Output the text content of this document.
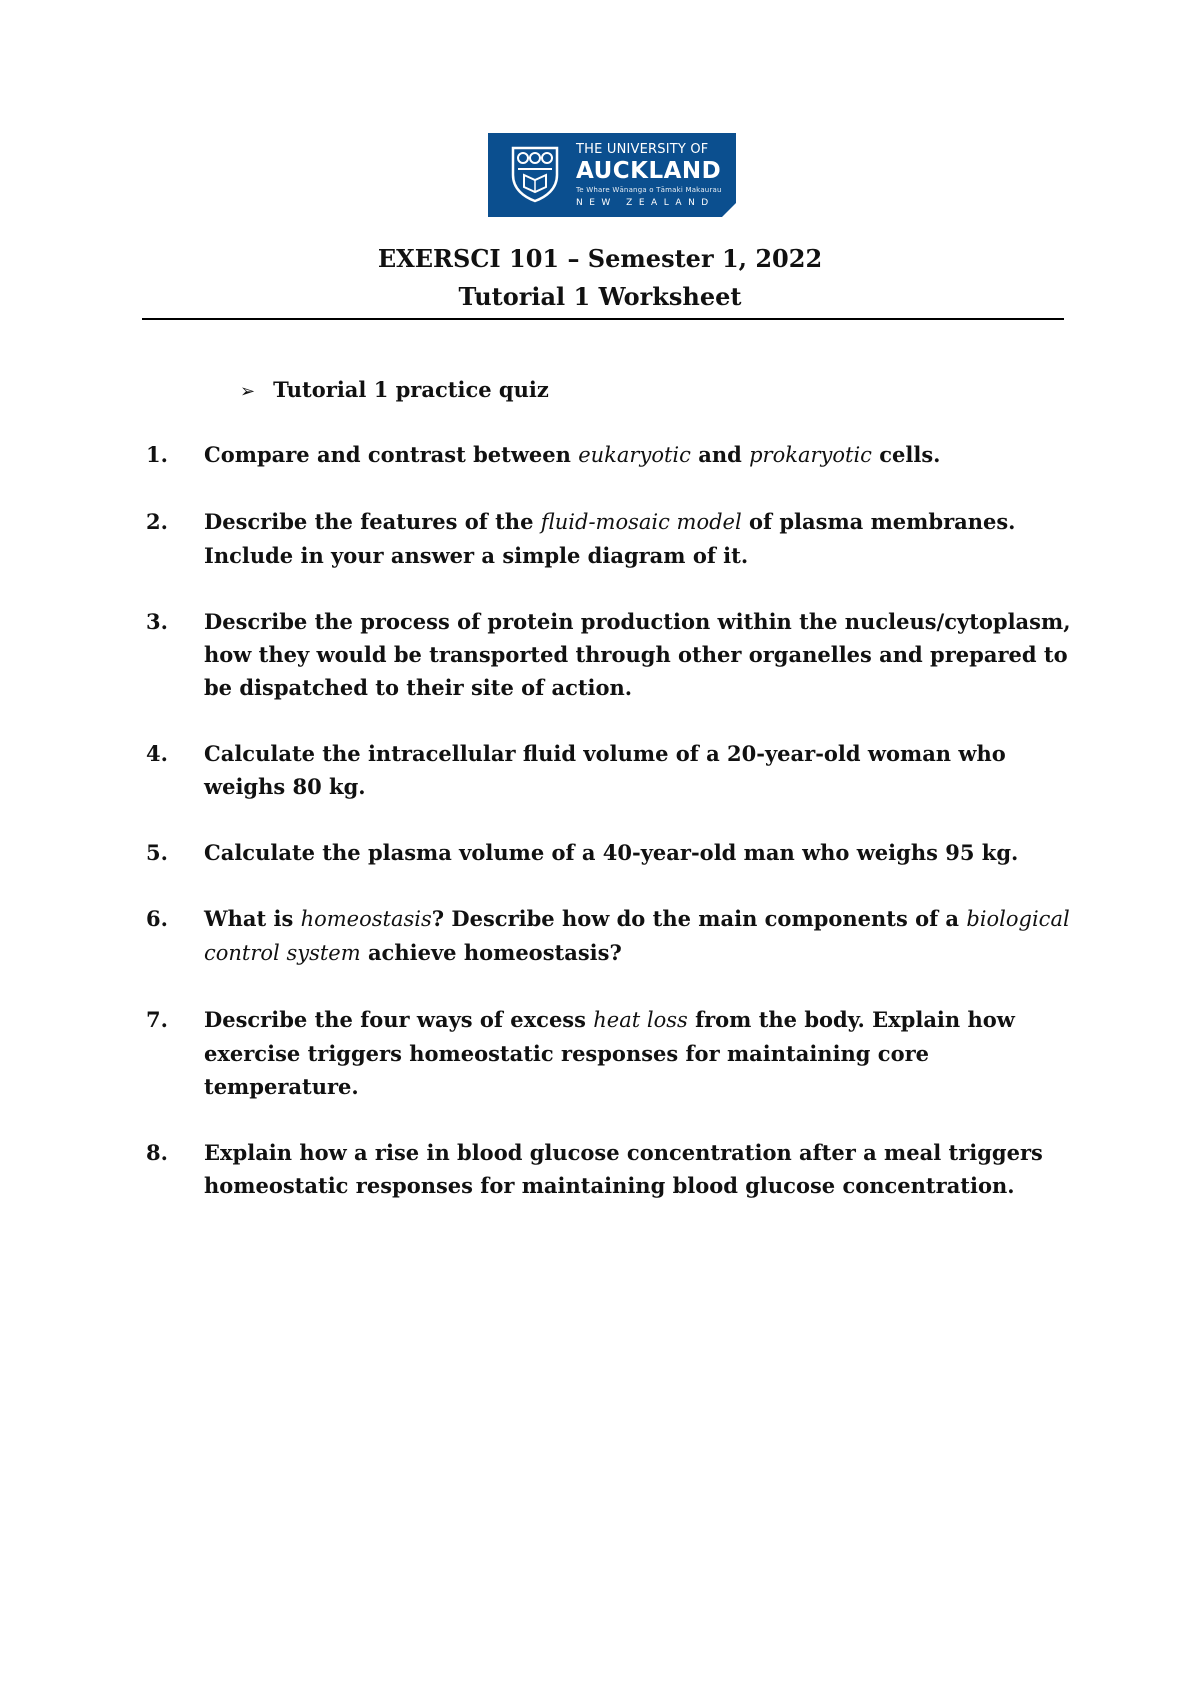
THE UNIVERSITY OF
AUCKLAND
Te Whare Wānanga o Tāmaki Makaurau
NEW ZEALAND

EXERSCI 101 – Semester 1, 2022

Tutorial 1 Worksheet

➢ Tutorial 1 practice quiz
1. Compare and contrast between eukaryotic and prokaryotic cells.
2. Describe the features of the fluid-mosaic model of plasma membranes. Include in your answer a simple diagram of it.
3. Describe the process of protein production within the nucleus/cytoplasm, how they would be transported through other organelles and prepared to be dispatched to their site of action.
4. Calculate the intracellular fluid volume of a 20-year-old woman who weighs 80 kg.
5. Calculate the plasma volume of a 40-year-old man who weighs 95 kg.
6. What is homeostasis? Describe how do the main components of a biological control system achieve homeostasis?
7. Describe the four ways of excess heat loss from the body. Explain how exercise triggers homeostatic responses for maintaining core temperature.
8. Explain how a rise in blood glucose concentration after a meal triggers homeostatic responses for maintaining blood glucose concentration.
